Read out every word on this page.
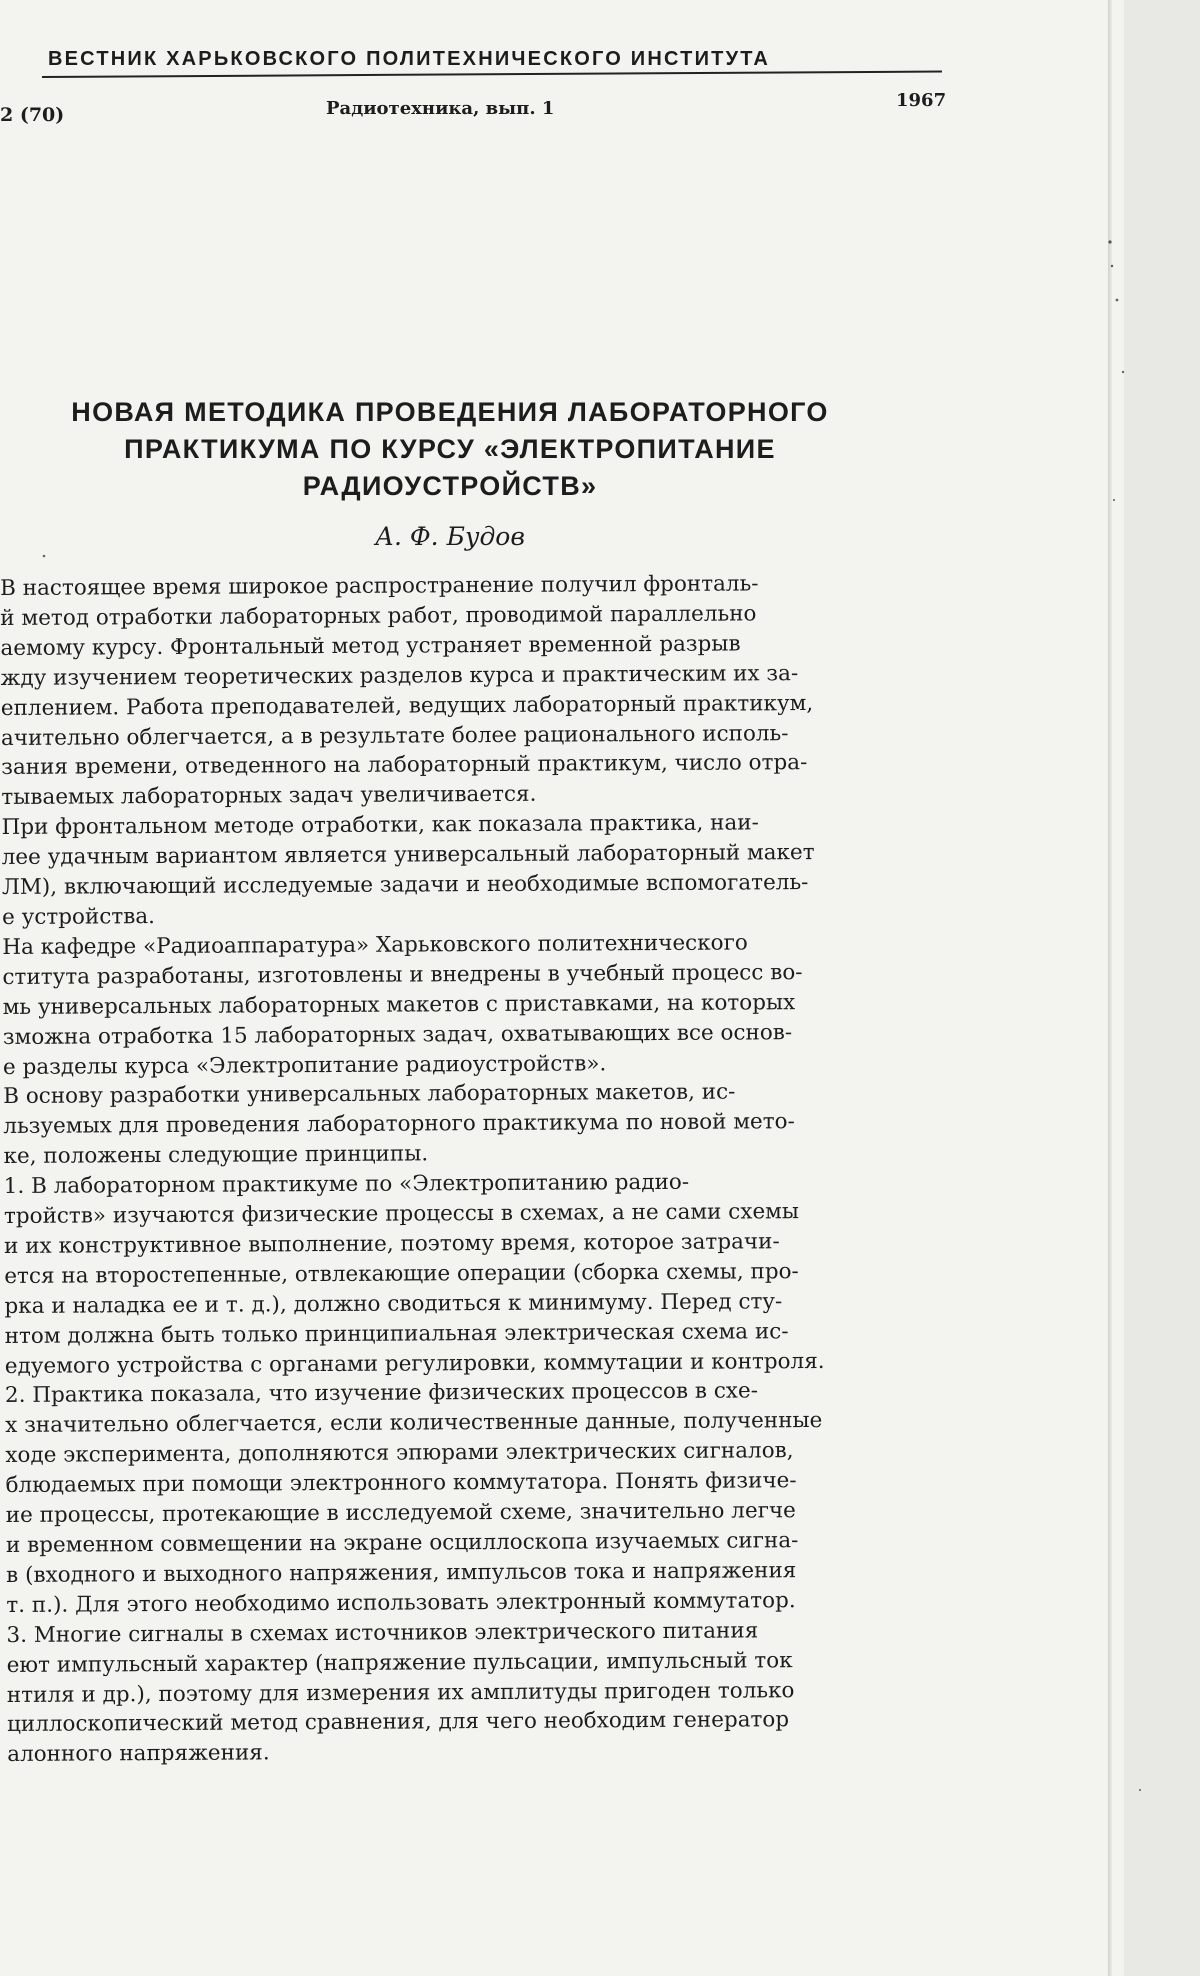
ВЕСТНИК ХАРЬКОВСКОГО ПОЛИТЕХНИЧЕСКОГО ИНСТИТУТА
2 (70)	Радиотехника, вып. 1	1967
НОВАЯ МЕТОДИКА ПРОВЕДЕНИЯ ЛАБОРАТОРНОГО
ПРАКТИКУМА ПО КУРСУ «ЭЛЕКТРОПИТАНИЕ
РАДИОУСТРОЙСТВ»
А. Ф. Будов
В настоящее время широкое распространение получил фронталь-
й метод отработки лабораторных работ, проводимой параллельно
аемому курсу. Фронтальный метод устраняет временной разрыв
жду изучением теоретических разделов курса и практическим их за-
еплением. Работа преподавателей, ведущих лабораторный практикум,
ачительно облегчается, а в результате более рационального исполь-
зания времени, отведенного на лабораторный практикум, число отра-
тываемых лабораторных задач увеличивается.
При фронтальном методе отработки, как показала практика, наи-
лее удачным вариантом является универсальный лабораторный макет
ЛМ), включающий исследуемые задачи и необходимые вспомогатель-
е устройства.
На кафедре «Радиоаппаратура» Харьковского политехнического
ститута разработаны, изготовлены и внедрены в учебный процесс во-
мь универсальных лабораторных макетов с приставками, на которых
зможна отработка 15 лабораторных задач, охватывающих все основ-
е разделы курса «Электропитание радиоустройств».
В основу разработки универсальных лабораторных макетов, ис-
льзуемых для проведения лабораторного практикума по новой мето-
ке, положены следующие принципы.
1. В лабораторном практикуме по «Электропитанию радио-
тройств» изучаются физические процессы в схемах, а не сами схемы
и их конструктивное выполнение, поэтому время, которое затрачи-
ется на второстепенные, отвлекающие операции (сборка схемы, про-
рка и наладка ее и т. д.), должно сводиться к минимуму. Перед сту-
нтом должна быть только принципиальная электрическая схема ис-
едуемого устройства с органами регулировки, коммутации и контроля.
2. Практика показала, что изучение физических процессов в схе-
х значительно облегчается, если количественные данные, полученные
ходе эксперимента, дополняются эпюрами электрических сигналов,
блюдаемых при помощи электронного коммутатора. Понять физиче-
ие процессы, протекающие в исследуемой схеме, значительно легче
и временном совмещении на экране осциллоскопа изучаемых сигна-
в (входного и выходного напряжения, импульсов тока и напряжения
т. п.). Для этого необходимо использовать электронный коммутатор.
3. Многие сигналы в схемах источников электрического питания
еют импульсный характер (напряжение пульсации, импульсный ток
нтиля и др.), поэтому для измерения их амплитуды пригоден только
циллоскопический метод сравнения, для чего необходим генератор
алонного напряжения.
